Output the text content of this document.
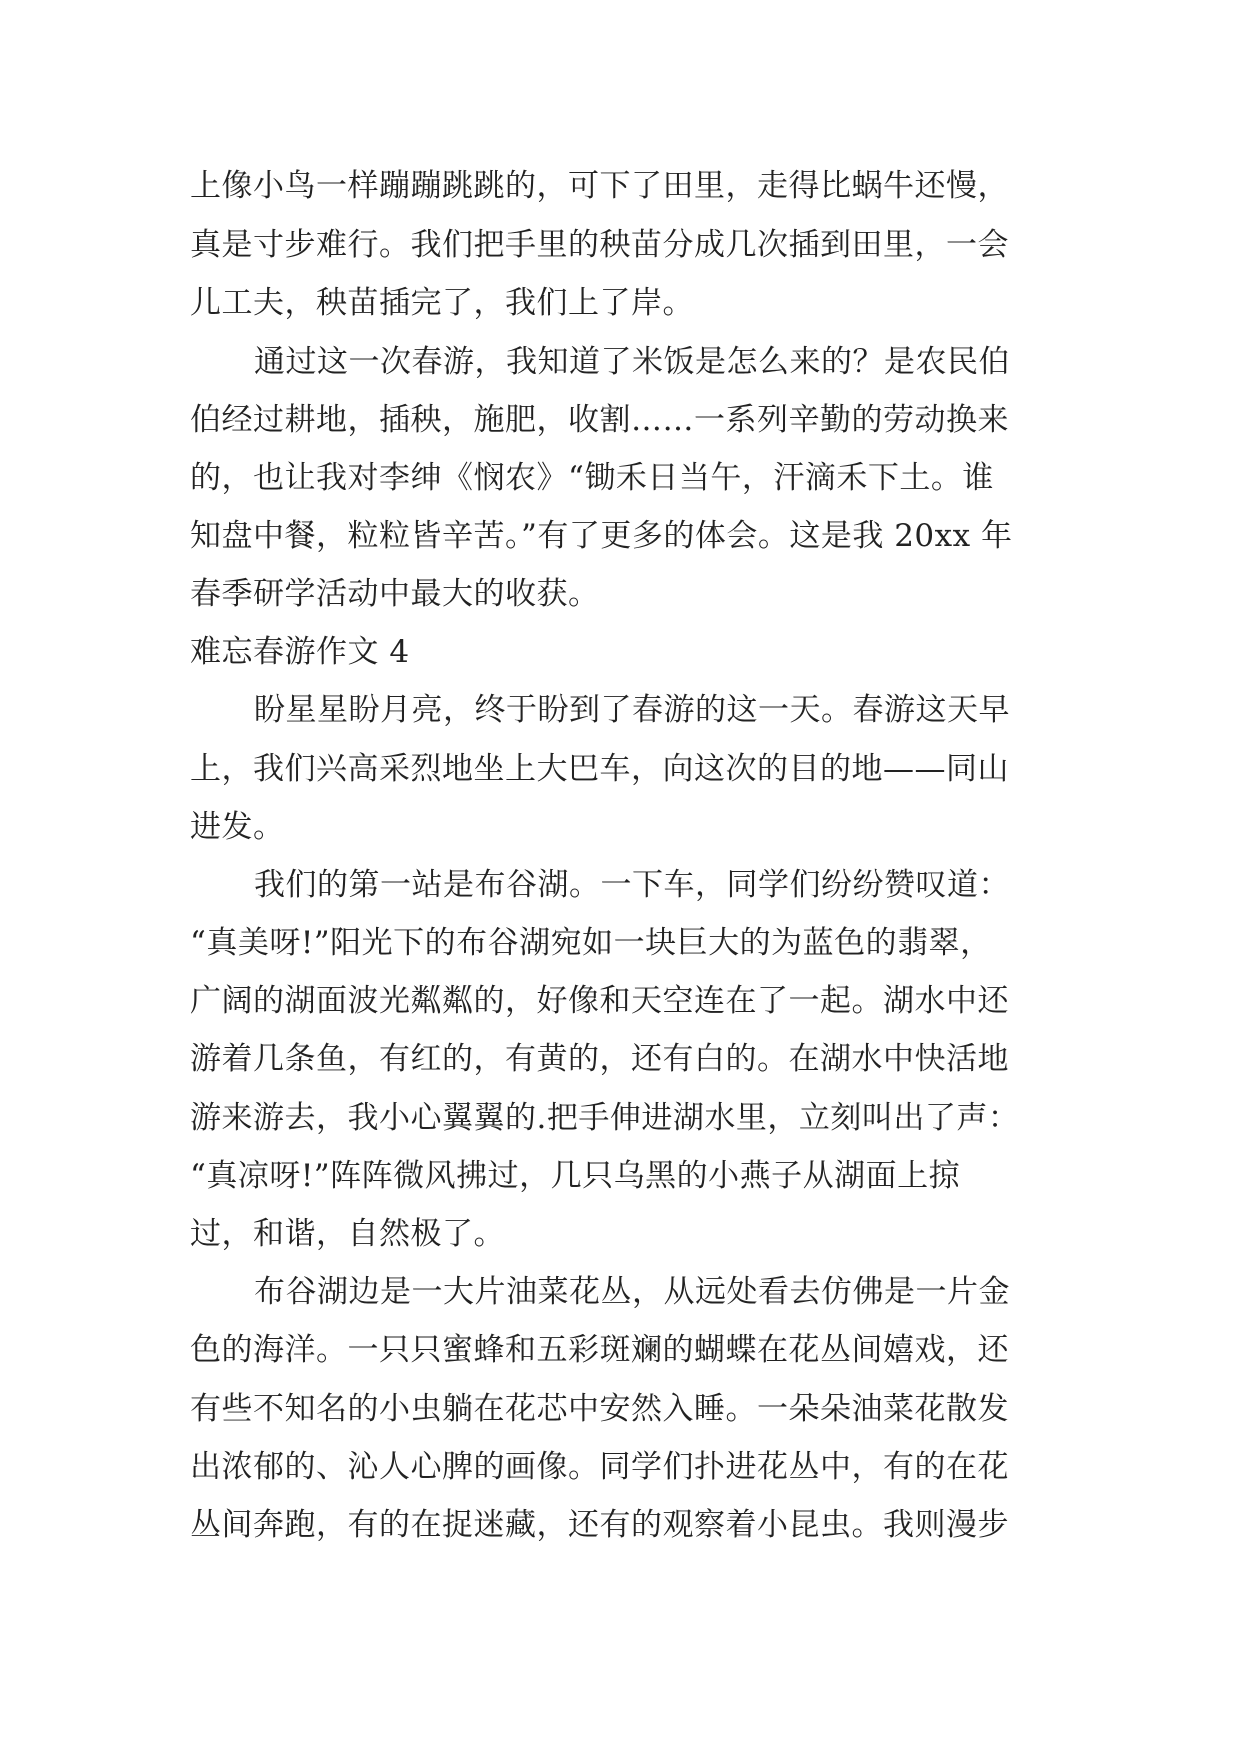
上像小鸟一样蹦蹦跳跳的，可下了田里，走得比蜗牛还慢，
真是寸步难行。我们把手里的秧苗分成几次插到田里，一会
儿工夫，秧苗插完了，我们上了岸。
通过这一次春游，我知道了米饭是怎么来的？是农民伯
伯经过耕地，插秧，施肥，收割……一系列辛勤的劳动换来
的，也让我对李绅《悯农》“锄禾日当午，汗滴禾下土。谁
知盘中餐，粒粒皆辛苦。”有了更多的体会。这是我 20xx 年
春季研学活动中最大的收获。
难忘春游作文 4
盼星星盼月亮，终于盼到了春游的这一天。春游这天早
上，我们兴高采烈地坐上大巴车，向这次的目的地——同山
进发。
我们的第一站是布谷湖。一下车，同学们纷纷赞叹道：
“真美呀!”阳光下的布谷湖宛如一块巨大的为蓝色的翡翠，
广阔的湖面波光粼粼的，好像和天空连在了一起。湖水中还
游着几条鱼，有红的，有黄的，还有白的。在湖水中快活地
游来游去，我小心翼翼的.把手伸进湖水里，立刻叫出了声：
“真凉呀!”阵阵微风拂过，几只乌黑的小燕子从湖面上掠
过，和谐，自然极了。
布谷湖边是一大片油菜花丛，从远处看去仿佛是一片金
色的海洋。一只只蜜蜂和五彩斑斓的蝴蝶在花丛间嬉戏，还
有些不知名的小虫躺在花芯中安然入睡。一朵朵油菜花散发
出浓郁的、沁人心脾的画像。同学们扑进花丛中，有的在花
丛间奔跑，有的在捉迷藏，还有的观察着小昆虫。我则漫步
